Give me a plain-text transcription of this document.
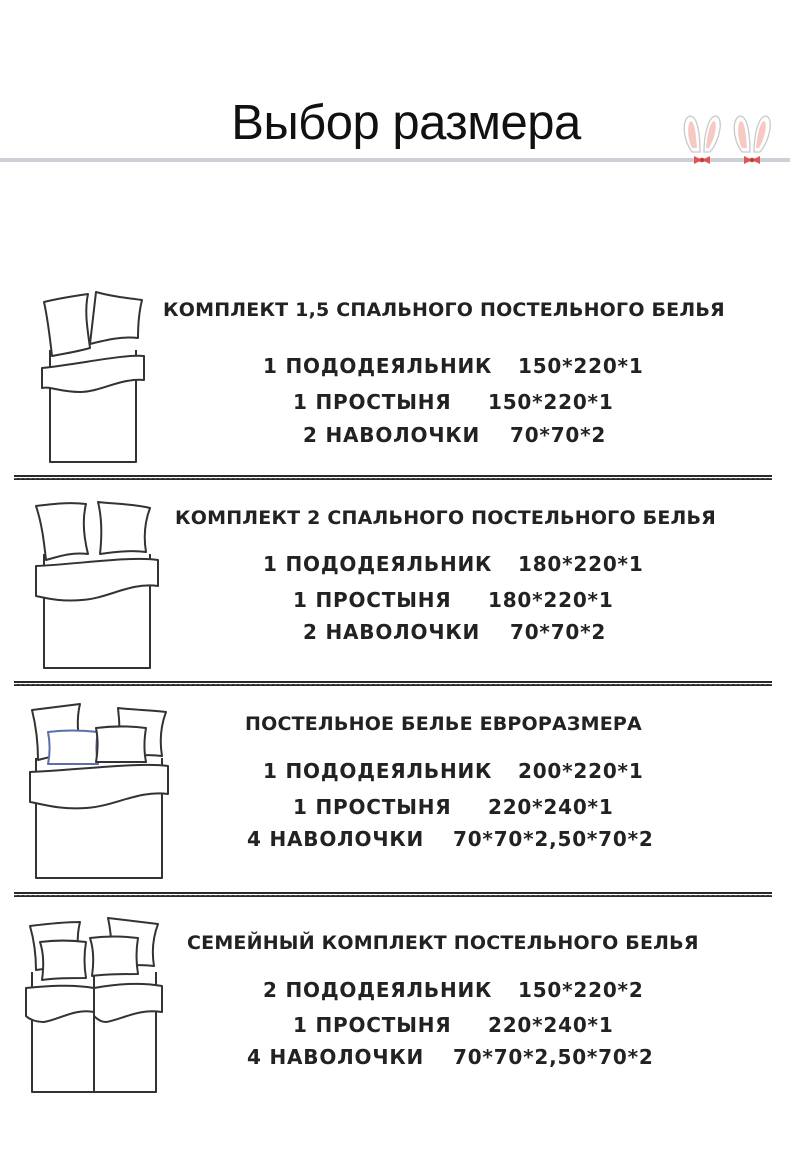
Выбор размера
КОМПЛЕКТ 1,5 СПАЛЬНОГО ПОСТЕЛЬНОГО БЕЛЬЯ
1 ПОДОДЕЯЛЬНИК 150*220*1
1 ПРОСТЫНЯ 150*220*1
2 НАВОЛОЧКИ 70*70*2
КОМПЛЕКТ 2 СПАЛЬНОГО ПОСТЕЛЬНОГО БЕЛЬЯ
1 ПОДОДЕЯЛЬНИК 180*220*1
1 ПРОСТЫНЯ 180*220*1
2 НАВОЛОЧКИ 70*70*2
ПОСТЕЛЬНОЕ БЕЛЬЕ ЕВРОРАЗМЕРА
1 ПОДОДЕЯЛЬНИК 200*220*1
1 ПРОСТЫНЯ 220*240*1
4 НАВОЛОЧКИ 70*70*2,50*70*2
СЕМЕЙНЫЙ КОМПЛЕКТ ПОСТЕЛЬНОГО БЕЛЬЯ
2 ПОДОДЕЯЛЬНИК 150*220*2
1 ПРОСТЫНЯ 220*240*1
4 НАВОЛОЧКИ 70*70*2,50*70*2
